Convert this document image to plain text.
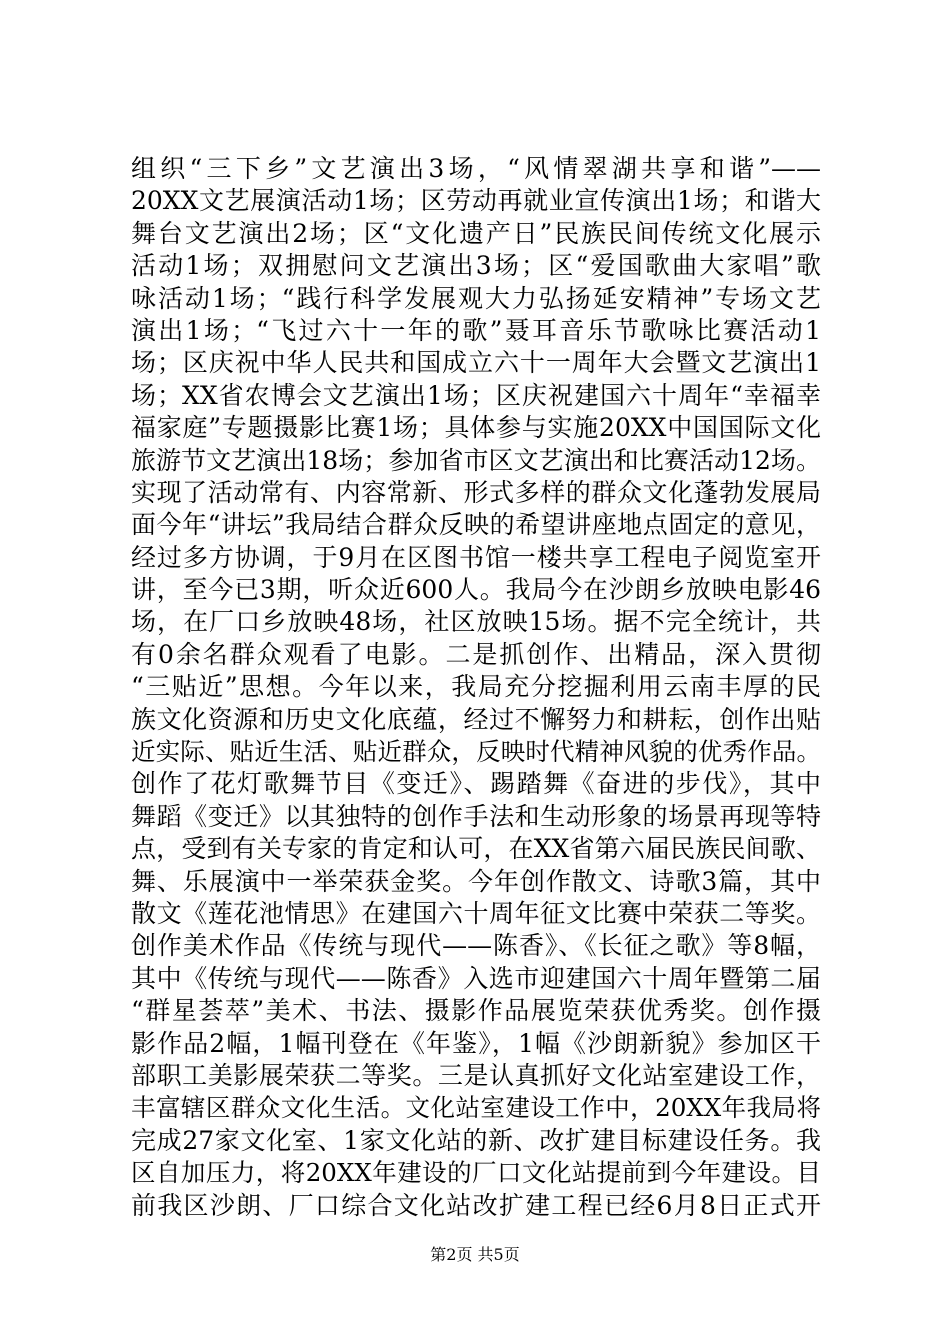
组织“三下乡”文艺演出3场，“风情翠湖共享和谐”——
20XX文艺展演活动1场；区劳动再就业宣传演出1场；和谐大
舞台文艺演出2场；区“文化遗产日”民族民间传统文化展示
活动1场；双拥慰问文艺演出3场；区“爱国歌曲大家唱”歌
咏活动1场；“践行科学发展观大力弘扬延安精神”专场文艺
演出1场；“飞过六十一年的歌”聂耳音乐节歌咏比赛活动1
场；区庆祝中华人民共和国成立六十一周年大会暨文艺演出1
场；XX省农博会文艺演出1场；区庆祝建国六十周年“幸福幸
福家庭”专题摄影比赛1场；具体参与实施20XX中国国际文化
旅游节文艺演出18场；参加省市区文艺演出和比赛活动12场。
实现了活动常有、内容常新、形式多样的群众文化蓬勃发展局
面今年“讲坛”我局结合群众反映的希望讲座地点固定的意见，
经过多方协调，于9月在区图书馆一楼共享工程电子阅览室开
讲，至今已3期，听众近600人。我局今在沙朗乡放映电影46
场，在厂口乡放映48场，社区放映15场。据不完全统计，共
有0余名群众观看了电影。二是抓创作、出精品，深入贯彻
“三贴近”思想。今年以来，我局充分挖掘利用云南丰厚的民
族文化资源和历史文化底蕴，经过不懈努力和耕耘，创作出贴
近实际、贴近生活、贴近群众，反映时代精神风貌的优秀作品。
创作了花灯歌舞节目《变迁》、踢踏舞《奋进的步伐》，其中
舞蹈《变迁》以其独特的创作手法和生动形象的场景再现等特
点，受到有关专家的肯定和认可，在XX省第六届民族民间歌、
舞、乐展演中一举荣获金奖。今年创作散文、诗歌3篇，其中
散文《莲花池情思》在建国六十周年征文比赛中荣获二等奖。
创作美术作品《传统与现代——陈香》、《长征之歌》等8幅，
其中《传统与现代——陈香》入选市迎建国六十周年暨第二届
“群星荟萃”美术、书法、摄影作品展览荣获优秀奖。创作摄
影作品2幅，1幅刊登在《年鉴》，1幅《沙朗新貌》参加区干
部职工美影展荣获二等奖。三是认真抓好文化站室建设工作，
丰富辖区群众文化生活。文化站室建设工作中，20XX年我局将
完成27家文化室、1家文化站的新、改扩建目标建设任务。我
区自加压力，将20XX年建设的厂口文化站提前到今年建设。目
前我区沙朗、厂口综合文化站改扩建工程已经6月8日正式开
第2页 共5页
